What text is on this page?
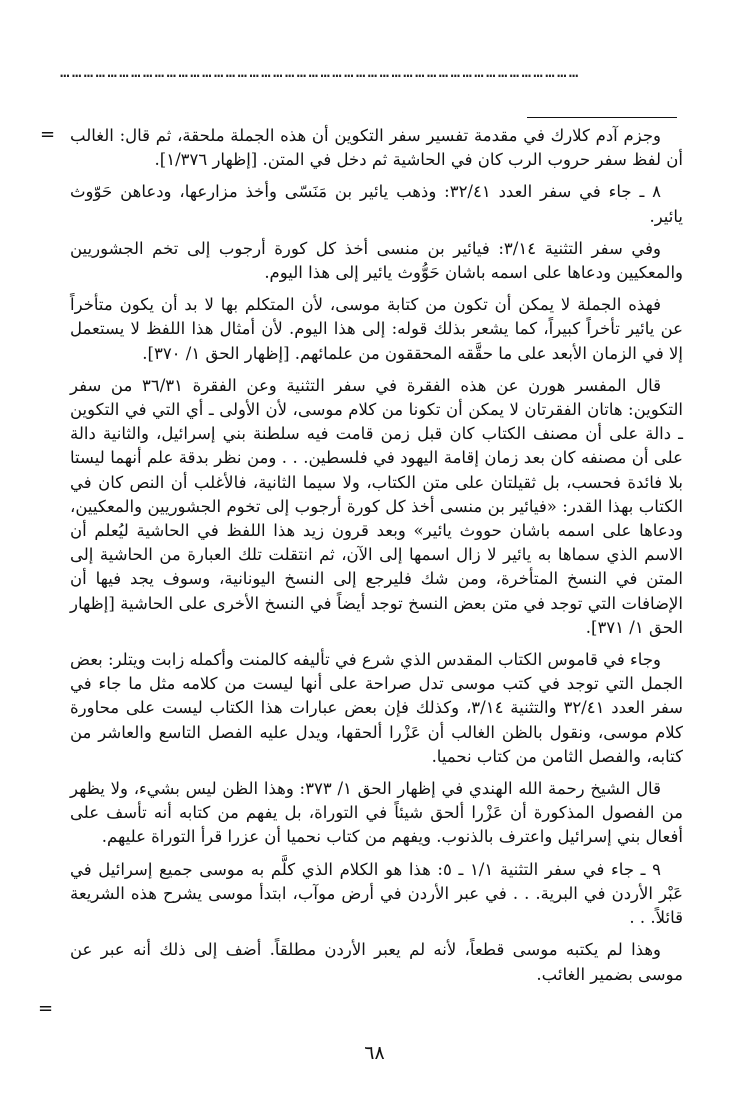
……………………………………………………………………………………………………………………
= وجزم آدم كلارك في مقدمة تفسير سفر التكوين أن هذه الجملة ملحقة، ثم قال: الغالب أن لفظ سفر حروب الرب كان في الحاشية ثم دخل في المتن. [إظهار ١/٣٧٦].

٨ ـ جاء في سفر العدد ٣٢/٤١: وذهب يائير بن مَنَسّى وأخذ مزارعها، ودعاهن حَوّوث يائير.

وفي سفر التثنية ٣/١٤: فيائير بن منسى أخذ كل كورة أرجوب إلى تخم الجشوريين والمعكيين ودعاها على اسمه باشان حَوُّوث يائير إلى هذا اليوم.

فهذه الجملة لا يمكن أن تكون من كتابة موسى، لأن المتكلم بها لا بد أن يكون متأخراً عن يائير تأخراً كبيراً، كما يشعر بذلك قوله: إلى هذا اليوم. لأن أمثال هذا اللفظ لا يستعمل إلا في الزمان الأبعد على ما حقَّقه المحققون من علمائهم. [إظهار الحق ١/ ٣٧٠].

قال المفسر هورن عن هذه الفقرة في سفر التثنية وعن الفقرة ٣٦/٣١ من سفر التكوين: هاتان الفقرتان لا يمكن أن تكونا من كلام موسى، لأن الأولى ـ أي التي في التكوين ـ دالة على أن مصنف الكتاب كان قبل زمن قامت فيه سلطنة بني إسرائيل، والثانية دالة على أن مصنفه كان بعد زمان إقامة اليهود في فلسطين. . . ومن نظر بدقة علم أنهما ليستا بلا فائدة فحسب، بل ثقيلتان على متن الكتاب، ولا سيما الثانية، فالأغلب أن النص كان في الكتاب بهذا القدر: «فيائير بن منسى أخذ كل كورة أرجوب إلى تخوم الجشوريين والمعكيين، ودعاها على اسمه باشان حووث يائير» وبعد قرون زيد هذا اللفظ في الحاشية ليُعلم أن الاسم الذي سماها به يائير لا زال اسمها إلى الآن، ثم انتقلت تلك العبارة من الحاشية إلى المتن في النسخ المتأخرة، ومن شك فليرجع إلى النسخ اليونانية، وسوف يجد فيها أن الإضافات التي توجد في متن بعض النسخ توجد أيضاً في النسخ الأخرى على الحاشية [إظهار الحق ١/ ٣٧١].

وجاء في قاموس الكتاب المقدس الذي شرع في تأليفه كالمنت وأكمله زابت ويتلر: بعض الجمل التي توجد في كتب موسى تدل صراحة على أنها ليست من كلامه مثل ما جاء في سفر العدد ٣٢/٤١ والتثنية ٣/١٤، وكذلك فإن بعض عبارات هذا الكتاب ليست على محاورة كلام موسى، ونقول بالظن الغالب أن عَزْرا ألحقها، ويدل عليه الفصل التاسع والعاشر من كتابه، والفصل الثامن من كتاب نحميا.

قال الشيخ رحمة الله الهندي في إظهار الحق ١/ ٣٧٣: وهذا الظن ليس بشيء، ولا يظهر من الفصول المذكورة أن عَزْرا ألحق شيئاً في التوراة، بل يفهم من كتابه أنه تأسف على أفعال بني إسرائيل واعترف بالذنوب. ويفهم من كتاب نحميا أن عزرا قرأ التوراة عليهم.

٩ ـ جاء في سفر التثنية ١/١ ـ ٥: هذا هو الكلام الذي كلَّم به موسى جميع إسرائيل في عَبْر الأردن في البرية. . . في عبر الأردن في أرض موآب، ابتدأ موسى يشرح هذه الشريعة قائلاً. . .

وهذا لم يكتبه موسى قطعاً، لأنه لم يعبر الأردن مطلقاً. أضف إلى ذلك أنه عبر عن موسى بضمير الغائب.

=
٦٨
